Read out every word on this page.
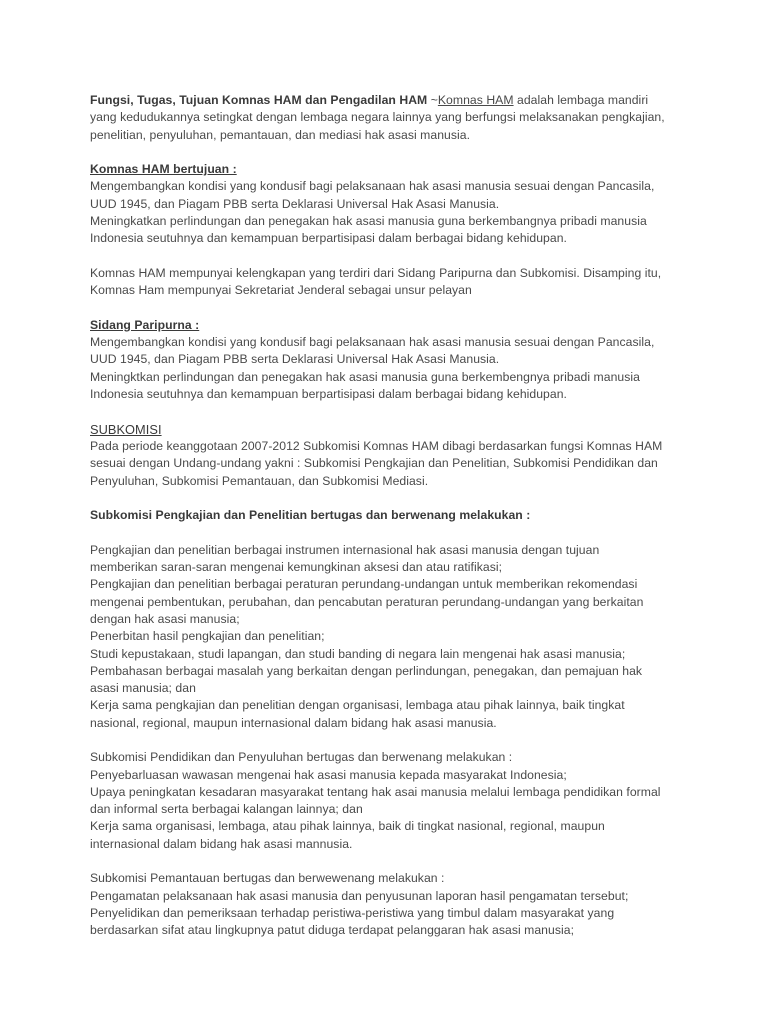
Fungsi, Tugas, Tujuan Komnas HAM dan Pengadilan HAM ~Komnas HAM adalah lembaga mandiri
yang kedudukannya setingkat dengan lembaga negara lainnya yang berfungsi melaksanakan pengkajian,
penelitian, penyuluhan, pemantauan, dan mediasi hak asasi manusia.
Komnas HAM bertujuan :
Mengembangkan kondisi yang kondusif bagi pelaksanaan hak asasi manusia sesuai dengan Pancasila,
UUD 1945, dan Piagam PBB serta Deklarasi Universal Hak Asasi Manusia.
Meningkatkan perlindungan dan penegakan hak asasi manusia guna berkembangnya pribadi manusia
Indonesia seutuhnya dan kemampuan berpartisipasi dalam berbagai bidang kehidupan.
Komnas HAM mempunyai kelengkapan yang terdiri dari Sidang Paripurna dan Subkomisi. Disamping itu,
Komnas Ham mempunyai Sekretariat Jenderal sebagai unsur pelayan
Sidang Paripurna :
Mengembangkan kondisi yang kondusif bagi pelaksanaan hak asasi manusia sesuai dengan Pancasila,
UUD 1945, dan Piagam PBB serta Deklarasi Universal Hak Asasi Manusia.
Meningktkan perlindungan dan penegakan hak asasi manusia guna berkembengnya pribadi manusia
Indonesia seutuhnya dan kemampuan berpartisipasi dalam berbagai bidang kehidupan.
SUBKOMISI
Pada periode keanggotaan 2007-2012 Subkomisi Komnas HAM dibagi berdasarkan fungsi Komnas HAM
sesuai dengan Undang-undang yakni : Subkomisi Pengkajian dan Penelitian, Subkomisi Pendidikan dan
Penyuluhan, Subkomisi Pemantauan, dan Subkomisi Mediasi.
Subkomisi Pengkajian dan Penelitian bertugas dan berwenang melakukan :
Pengkajian dan penelitian berbagai instrumen internasional hak asasi manusia dengan tujuan
memberikan saran-saran mengenai kemungkinan aksesi dan atau ratifikasi;
Pengkajian dan penelitian berbagai peraturan perundang-undangan untuk memberikan rekomendasi
mengenai pembentukan, perubahan, dan pencabutan peraturan perundang-undangan yang berkaitan
dengan hak asasi manusia;
Penerbitan hasil pengkajian dan penelitian;
Studi kepustakaan, studi lapangan, dan studi banding di negara lain mengenai hak asasi manusia;
Pembahasan berbagai masalah yang berkaitan dengan perlindungan, penegakan, dan pemajuan hak
asasi manusia; dan
Kerja sama pengkajian dan penelitian dengan organisasi, lembaga atau pihak lainnya, baik tingkat
nasional, regional, maupun internasional dalam bidang hak asasi manusia.
Subkomisi Pendidikan dan Penyuluhan bertugas dan berwenang melakukan :
Penyebarluasan wawasan mengenai hak asasi manusia kepada masyarakat Indonesia;
Upaya peningkatan kesadaran masyarakat tentang hak asai manusia melalui lembaga pendidikan formal
dan informal serta berbagai kalangan lainnya; dan
Kerja sama organisasi, lembaga, atau pihak lainnya, baik di tingkat nasional, regional, maupun
internasional dalam bidang hak asasi mannusia.
Subkomisi Pemantauan bertugas dan berwewenang melakukan :
Pengamatan pelaksanaan hak asasi manusia dan penyusunan laporan hasil pengamatan tersebut;
Penyelidikan dan pemeriksaan terhadap peristiwa-peristiwa yang timbul dalam masyarakat yang
berdasarkan sifat atau lingkupnya patut diduga terdapat pelanggaran hak asasi manusia;
